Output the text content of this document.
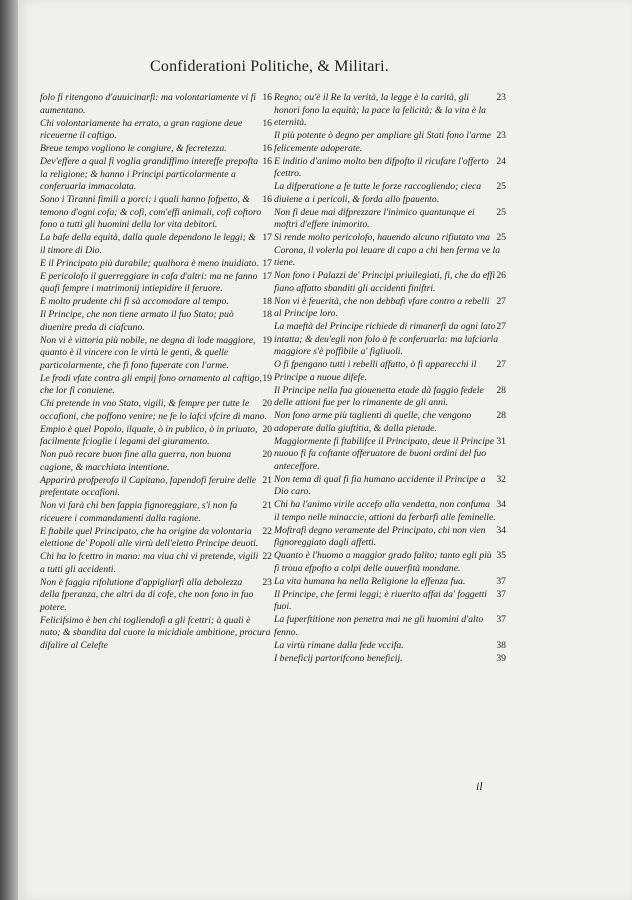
Confiderationi Politiche, & Militari.
16
folo fi ritengono d'auuicinarfi: ma volontariamente vi fi aumentano.
16
Chi volontariamente ha errato, a gran ragione deue riceuerne il caftigo.
16
Breue tempo vogliono le congiure, & fecretezza.
16
Dev'effere a qual fi voglia grandiffimo intereffe prepofta la religione; & hanno i Principi particolarmente a conferuarla immacolata.
16
Sono i Tiranni fimili a porci; i quali hanno fofpetto, & temono d'ogni cofa; & cofi, com'effi animali, cofi coftoro fono a tutti gli huomini della lor vita debitori.
17
La bafe della equità, dalla quale dependono le leggi; & il timore di Dio.
17
E il Principato più durabile; qualhora è meno inuidiato.
17
E pericolofo il guerreggiare in cafa d'altri: ma ne fanno quafi fempre i matrimonij intiepidire il feruore.
18
E molto prudente chi fi sà accomodare al tempo.
18
Il Principe, che non tiene armato il fuo Stato; può diuenire preda di ciafcuno.
19
Non vi è vittoria più nobile, ne degna di lode maggiore, quanto è il vincere con le virtù le genti, & quelle particolarmente, che fi fono fuperate con l'arme.
19
Le frodi vfate contra gli empij fono ornamento al caftigo, che lor fi conuiene.
20
Chi pretende in vno Stato, vigili, & fempre per tutte le occafioni, che poffono venire; ne fe lo lafci vfcire di mano.
20
Empio è quel Popolo, ilquale, ò in publico, ò in priuato, facilmente fcioglie i legami del giuramento.
20
Non può recare buon fine alla guerra, non buona cagione, & macchiata intentione.
21
Apparirà profperofo il Capitano, fapendofi feruire delle prefentate occafioni.
21
Non vi farà chi ben fappia fignoreggiare, s'i non fa riceuere i commandamenti dalla ragione.
22
E ftabile quel Principato, che ha origine da volontaria elettione de' Popoli alle virtù dell'eletto Principe deuoti.
22
Chi ha lo fcettro in mano: ma viua chi vi pretende, vigili a tutti gli accidenti.
23
Non è faggia rifolutione d'appigliarfi alla debolezza della fperanza, che altri da di cofe, che non fono in fuo potere.
Felicifsimo è ben chi togliendofi a gli fcettri; à quali è nato; & sbandita dal cuore la micidiale ambitione, procura difalire al Celefte
23
Regno; ou'è il Re la verità, la legge è la carità, gli honori fono la equità; la pace la felicità; & la vita è la eternità.
23
Il più potente ò degno per ampliare gli Stati fono l'arme felicemente adoperate.
24
E inditio d'animo molto ben difpofto il ricufare l'offerto fcettro.
25
La difperatione a fe tutte le forze raccogliendo; cieca diuiene a i pericoli, & forda allo fpauento.
25
Non fi deue mai difprezzare l'inimico quantunque ei moftri d'effere inimorito.
25
Si rende molto pericolofo, hauendo alcuno rifiutato vna Corona, il volerla poi leuare di capo a chi ben ferma ve la tiene.
26
Non fono i Palazzi de' Principi priuilegiati, fi, che da effi fiano affatto sbanditi gli accidenti finiftri.
27
Non vi è feuerità, che non debbafi vfare contro a rebelli al Principe loro.
27
La maeftà del Principe richiede di rimanerfi da ogni lato intatta; & deu'egli non folo à fe conferuarla: ma lafciarla maggiore s'è poffibile a' figliuoli.
27
O fi fpengano tutti i rebelli affatto, ò fi apparecchi il Principe a nuoue difefe.
28
Il Principe nella fua giouenetta etade dà faggio fedele delle attioni fue per lo rimanente de gli anni.
28
Non fono arme più taglienti di quelle, che vengono adoperate dalla giuftitia, & dalla pietade.
31
Maggiormente fi ftabilifce il Principato, deue il Principe nuouo fi fa coftante offeruatore de buoni ordini del fuo anteceffore.
32
Non tema di qual fi fia humano accidente il Principe a Dio caro.
34
Chi ha l'animo virile accefo alla vendetta, non confuma il tempo nelle minaccie, attioni da ferbarfi alle feminelle.
34
Moftrafi degno veramente del Principato, chi non vien fignoreggiato dagli affetti.
35
Quanto è l'huomo a maggior grado falito; tanto egli più fi troua efpofto a colpi delle auuerfità mondane.
37
La vita humana ha nella Religione la effenza fua.
37
Il Principe, che fermi leggi; è riuerito affai da' foggetti fuoi.
37
La fuperftitione non penetra mai ne gli huomini d'alto fenno.
38
La virtù rimane dalla fede vccifa.
39
I beneficij partorifcono beneficij.
il
